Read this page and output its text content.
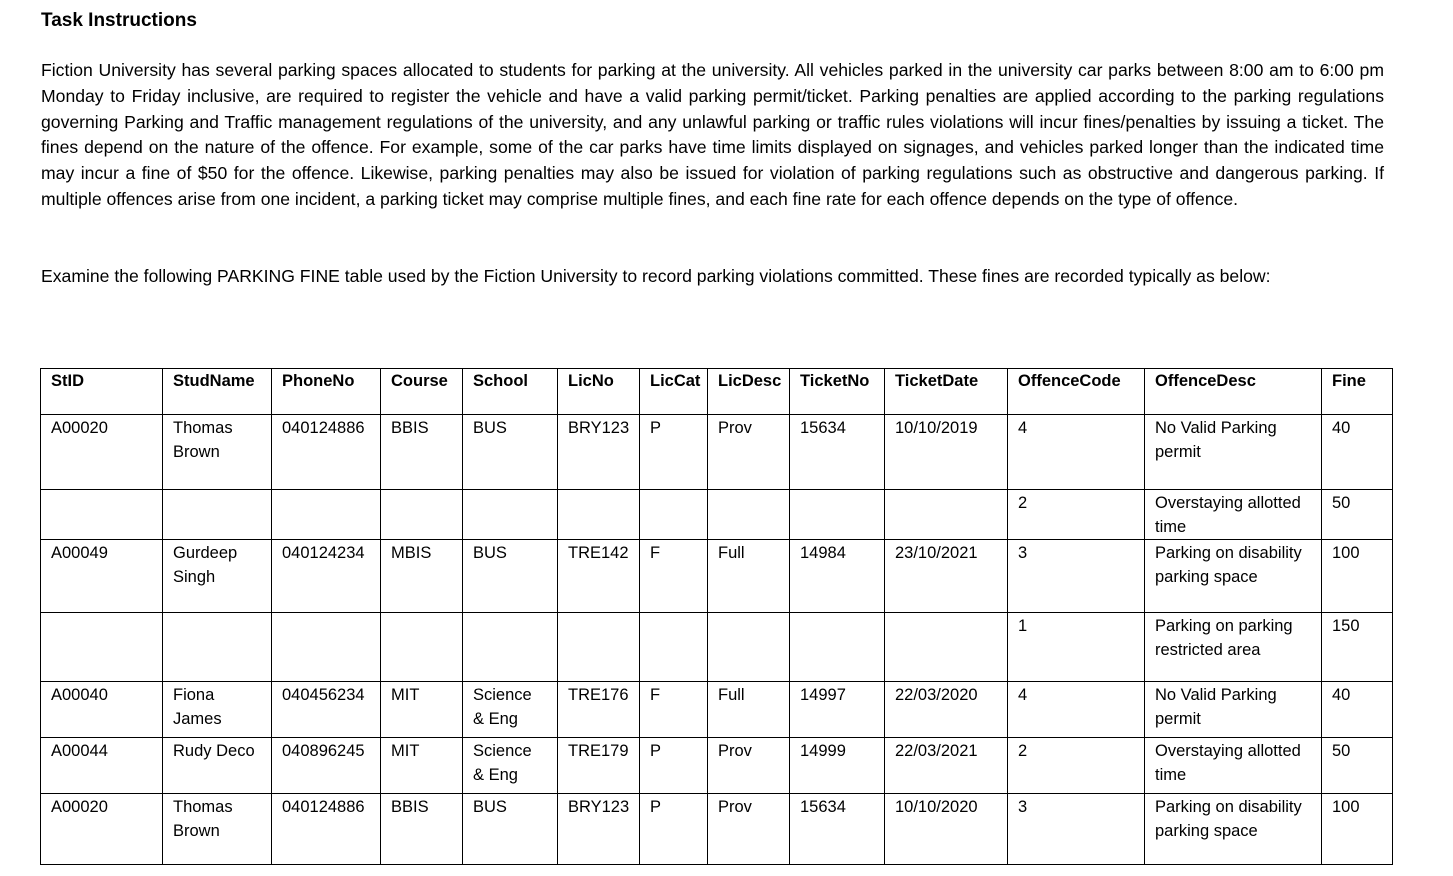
Task Instructions

Fiction University has several parking spaces allocated to students for parking at the university. All vehicles parked in the university car parks between 8:00 am to 6:00 pm Monday to Friday inclusive, are required to register the vehicle and have a valid parking permit/ticket. Parking penalties are applied according to the parking regulations governing Parking and Traffic management regulations of the university, and any unlawful parking or traffic rules violations will incur fines/penalties by issuing a ticket. The fines depend on the nature of the offence. For example, some of the car parks have time limits displayed on signages, and vehicles parked longer than the indicated time may incur a fine of $50 for the offence. Likewise, parking penalties may also be issued for violation of parking regulations such as obstructive and dangerous parking. If multiple offences arise from one incident, a parking ticket may comprise multiple fines, and each fine rate for each offence depends on the type of offence.

Examine the following PARKING FINE table used by the Fiction University to record parking violations committed. These fines are recorded typically as below:

StID	StudName	PhoneNo	Course	School	LicNo	LicCat	LicDesc	TicketNo	TicketDate	OffenceCode	OffenceDesc	Fine
A00020	Thomas Brown	040124886	BBIS	BUS	BRY123	P	Prov	15634	10/10/2019	4	No Valid Parking permit	40
										2	Overstaying allotted time	50
A00049	Gurdeep Singh	040124234	MBIS	BUS	TRE142	F	Full	14984	23/10/2021	3	Parking on disability parking space	100
										1	Parking on parking restricted area	150
A00040	Fiona James	040456234	MIT	Science & Eng	TRE176	F	Full	14997	22/03/2020	4	No Valid Parking permit	40
A00044	Rudy Deco	040896245	MIT	Science & Eng	TRE179	P	Prov	14999	22/03/2021	2	Overstaying allotted time	50
A00020	Thomas Brown	040124886	BBIS	BUS	BRY123	P	Prov	15634	10/10/2020	3	Parking on disability parking space	100
